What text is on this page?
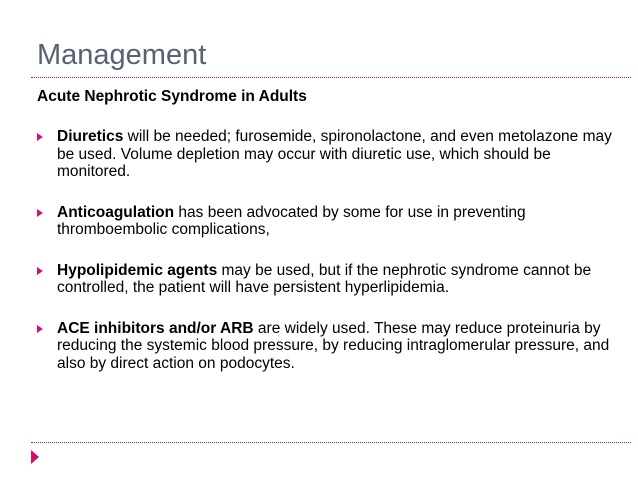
Management
Acute Nephrotic Syndrome in Adults
Diuretics will be needed; furosemide, spironolactone, and even metolazone may be used. Volume depletion may occur with diuretic use, which should be monitored.
Anticoagulation has been advocated by some for use in preventing thromboembolic complications,
Hypolipidemic agents may be used, but if the nephrotic syndrome cannot be controlled, the patient will have persistent hyperlipidemia.
ACE inhibitors and/or ARB are widely used. These may reduce proteinuria by reducing the systemic blood pressure, by reducing intraglomerular pressure, and also by direct action on podocytes.
